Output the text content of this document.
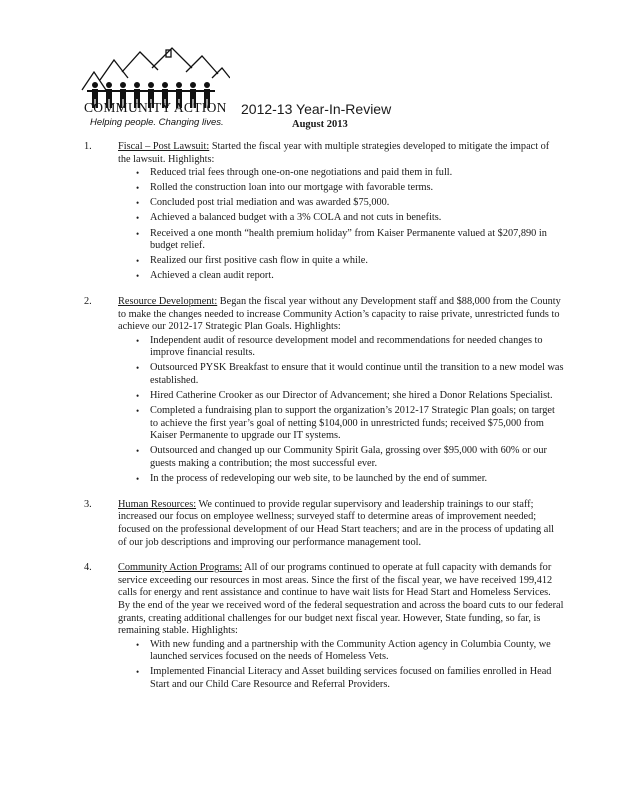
COMMUNITY ACTION
Helping people. Changing lives.
2012-13 Year-In-Review
August 2013
1.	Fiscal – Post Lawsuit: Started the fiscal year with multiple strategies developed to mitigate the impact of the lawsuit. Highlights:
• Reduced trial fees through one-on-one negotiations and paid them in full.
• Rolled the construction loan into our mortgage with favorable terms.
• Concluded post trial mediation and was awarded $75,000.
• Achieved a balanced budget with a 3% COLA and not cuts in benefits.
• Received a one month “health premium holiday” from Kaiser Permanente valued at $207,890 in budget relief.
• Realized our first positive cash flow in quite a while.
• Achieved a clean audit report.
2.	Resource Development: Began the fiscal year without any Development staff and $88,000 from the County to make the changes needed to increase Community Action’s capacity to raise private, unrestricted funds to achieve our 2012-17 Strategic Plan Goals. Highlights:
• Independent audit of resource development model and recommendations for needed changes to improve financial results.
• Outsourced PYSK Breakfast to ensure that it would continue until the transition to a new model was established.
• Hired Catherine Crooker as our Director of Advancement; she hired a Donor Relations Specialist.
• Completed a fundraising plan to support the organization’s 2012-17 Strategic Plan goals; on target to achieve the first year’s goal of netting $104,000 in unrestricted funds; received $75,000 from Kaiser Permanente to upgrade our IT systems.
• Outsourced and changed up our Community Spirit Gala, grossing over $95,000 with 60% or our guests making a contribution; the most successful ever.
• In the process of redeveloping our web site, to be launched by the end of summer.
3.	Human Resources: We continued to provide regular supervisory and leadership trainings to our staff; increased our focus on employee wellness; surveyed staff to determine areas of improvement needed; focused on the professional development of our Head Start teachers; and are in the process of updating all of our job descriptions and improving our performance management tool.
4.	Community Action Programs: All of our programs continued to operate at full capacity with demands for service exceeding our resources in most areas. Since the first of the fiscal year, we have received 199,412 calls for energy and rent assistance and continue to have wait lists for Head Start and Homeless Services. By the end of the year we received word of the federal sequestration and across the board cuts to our federal grants, creating additional challenges for our budget next fiscal year. However, State funding, so far, is remaining stable. Highlights:
• With new funding and a partnership with the Community Action agency in Columbia County, we launched services focused on the needs of Homeless Vets.
• Implemented Financial Literacy and Asset building services focused on families enrolled in Head Start and our Child Care Resource and Referral Providers.
